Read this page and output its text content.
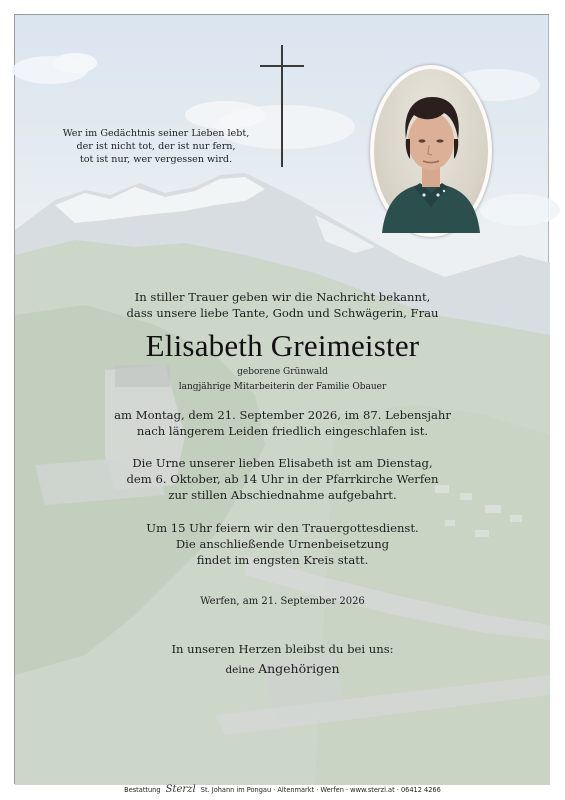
Wer im Gedächtnis seiner Lieben lebt,
der ist nicht tot, der ist nur fern,
tot ist nur, wer vergessen wird.
In stiller Trauer geben wir die Nachricht bekannt,
dass unsere liebe Tante, Godn und Schwägerin, Frau
Elisabeth Greimeister
geborene Grünwald
langjährige Mitarbeiterin der Familie Obauer
am Montag, dem 21. September 2026, im 87. Lebensjahr
nach längerem Leiden friedlich eingeschlafen ist.
Die Urne unserer lieben Elisabeth ist am Dienstag,
dem 6. Oktober, ab 14 Uhr in der Pfarrkirche Werfen
zur stillen Abschiednahme aufgebahrt.
Um 15 Uhr feiern wir den Trauergottesdienst.
Die anschließende Urnenbeisetzung
findet im engsten Kreis statt.
Werfen, am 21. September 2026
In unseren Herzen bleibst du bei uns:
deine Angehörigen
Bestattung Sterzl St. Johann im Pongau · Altenmarkt · Werfen · www.sterzl.at · 06412 4266
